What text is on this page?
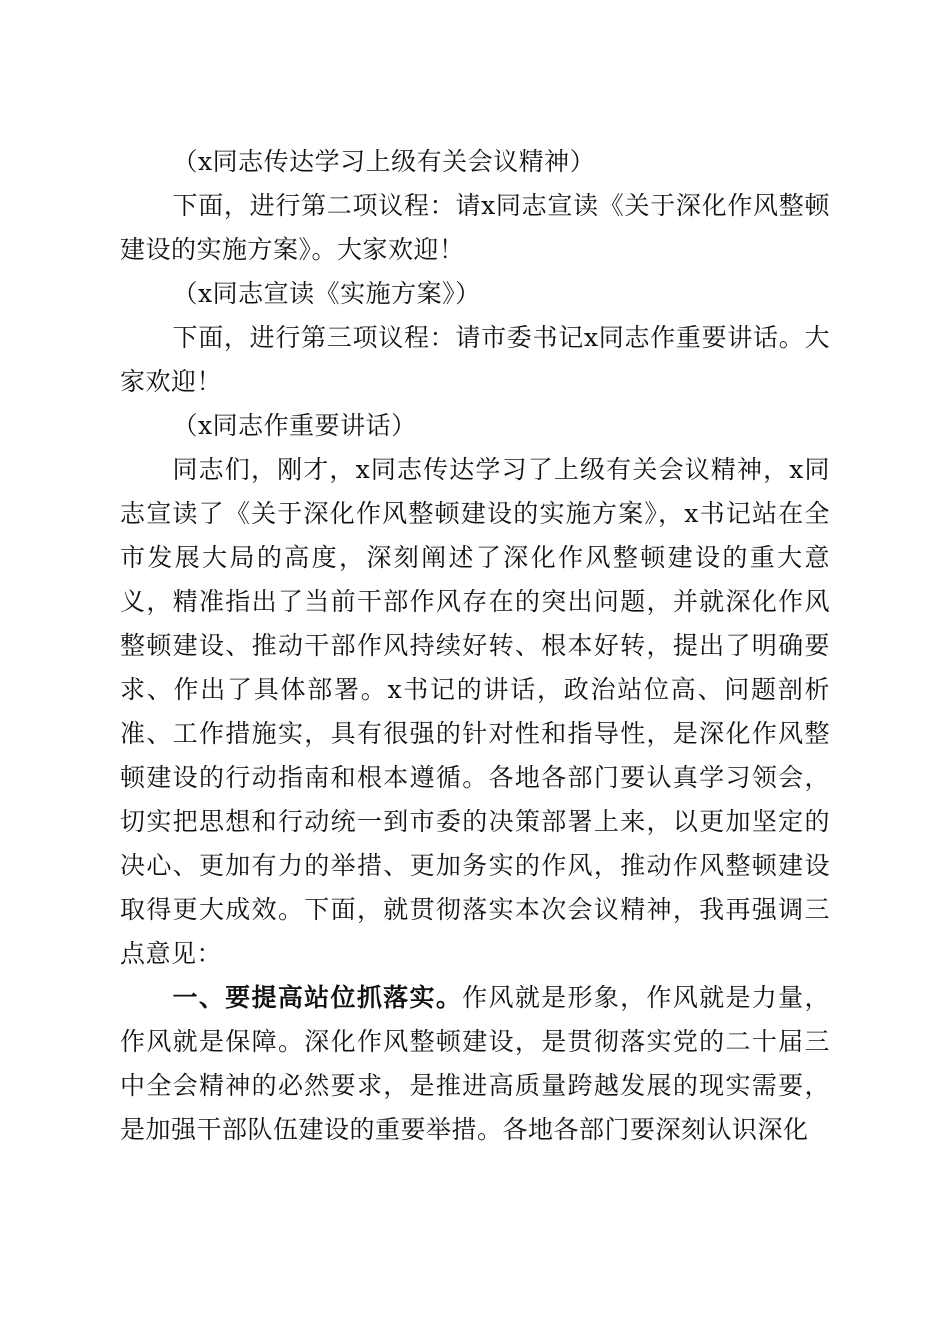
（x同志传达学习上级有关会议精神）

下面，进行第二项议程：请x同志宣读《关于深化作风整顿建设的实施方案》。大家欢迎！

（x同志宣读《实施方案》）

下面，进行第三项议程：请市委书记x同志作重要讲话。大家欢迎！

（x同志作重要讲话）

同志们，刚才，x同志传达学习了上级有关会议精神，x同志宣读了《关于深化作风整顿建设的实施方案》，x书记站在全市发展大局的高度，深刻阐述了深化作风整顿建设的重大意义，精准指出了当前干部作风存在的突出问题，并就深化作风整顿建设、推动干部作风持续好转、根本好转，提出了明确要求、作出了具体部署。x书记的讲话，政治站位高、问题剖析准、工作措施实，具有很强的针对性和指导性，是深化作风整顿建设的行动指南和根本遵循。各地各部门要认真学习领会，切实把思想和行动统一到市委的决策部署上来，以更加坚定的决心、更加有力的举措、更加务实的作风，推动作风整顿建设取得更大成效。下面，就贯彻落实本次会议精神，我再强调三点意见：

一、要提高站位抓落实。作风就是形象，作风就是力量，作风就是保障。深化作风整顿建设，是贯彻落实党的二十届三中全会精神的必然要求，是推进高质量跨越发展的现实需要，是加强干部队伍建设的重要举措。各地各部门要深刻认识深化
